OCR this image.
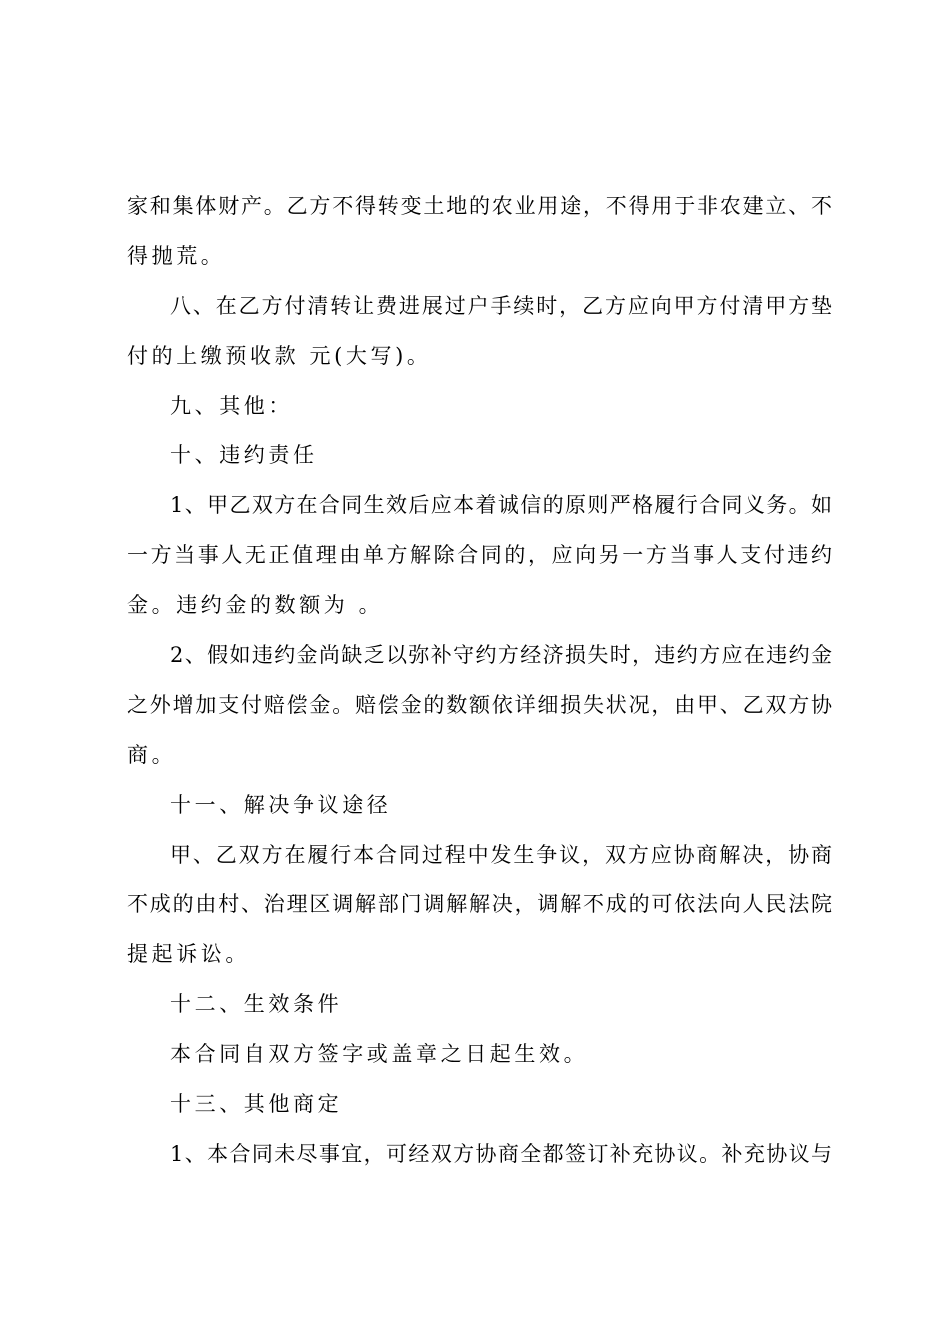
家和集体财产。乙方不得转变土地的农业用途，不得用于非农建立、不
得抛荒。
八、在乙方付清转让费进展过户手续时，乙方应向甲方付清甲方垫
付的上缴预收款 元(大写)。
九、其他：
十、违约责任
1、甲乙双方在合同生效后应本着诚信的原则严格履行合同义务。如
一方当事人无正值理由单方解除合同的，应向另一方当事人支付违约
金。违约金的数额为 。
2、假如违约金尚缺乏以弥补守约方经济损失时，违约方应在违约金
之外增加支付赔偿金。赔偿金的数额依详细损失状况，由甲、乙双方协
商。
十一、解决争议途径
甲、乙双方在履行本合同过程中发生争议，双方应协商解决，协商
不成的由村、治理区调解部门调解解决，调解不成的可依法向人民法院
提起诉讼。
十二、生效条件
本合同自双方签字或盖章之日起生效。
十三、其他商定
1、本合同未尽事宜，可经双方协商全都签订补充协议。补充协议与
